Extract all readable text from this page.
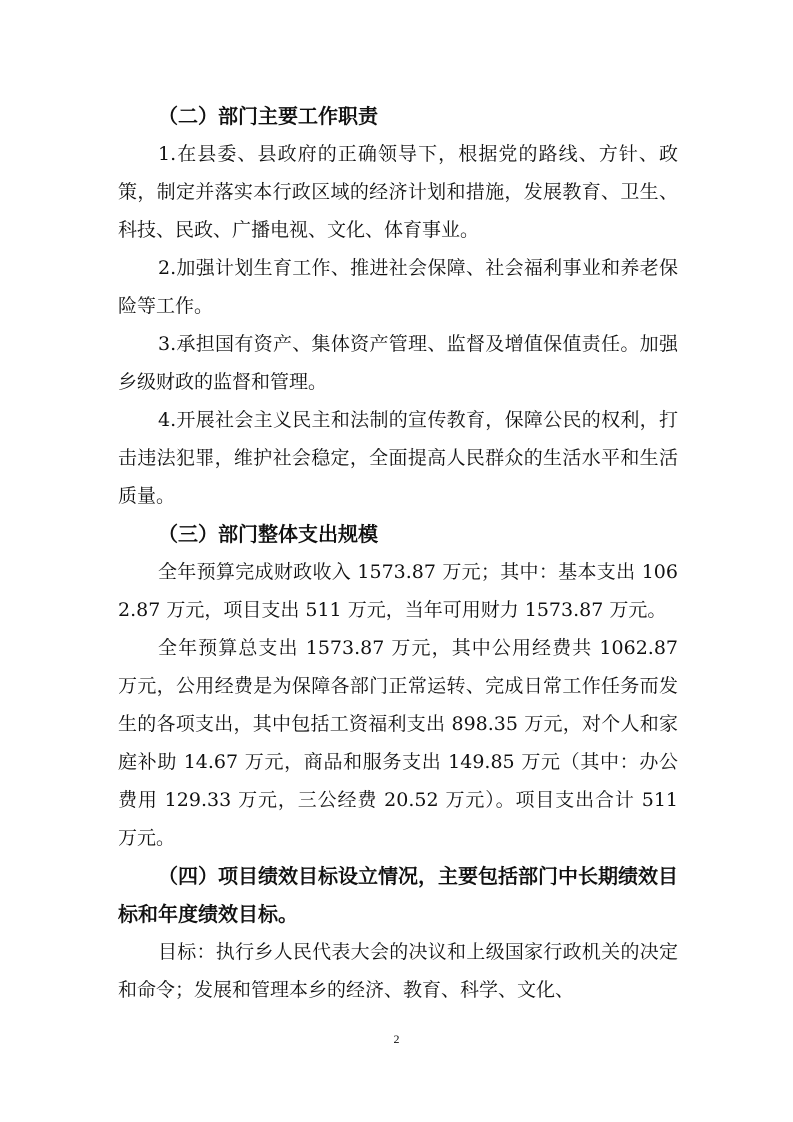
（二）部门主要工作职责

1.在县委、县政府的正确领导下，根据党的路线、方针、政策，制定并落实本行政区域的经济计划和措施，发展教育、卫生、科技、民政、广播电视、文化、体育事业。

2.加强计划生育工作、推进社会保障、社会福利事业和养老保险等工作。

3.承担国有资产、集体资产管理、监督及增值保值责任。加强乡级财政的监督和管理。

4.开展社会主义民主和法制的宣传教育，保障公民的权利，打击违法犯罪，维护社会稳定，全面提高人民群众的生活水平和生活质量。

（三）部门整体支出规模

全年预算完成财政收入 1573.87 万元；其中：基本支出 1062.87 万元，项目支出 511 万元，当年可用财力 1573.87 万元。

全年预算总支出 1573.87 万元，其中公用经费共 1062.87 万元，公用经费是为保障各部门正常运转、完成日常工作任务而发生的各项支出，其中包括工资福利支出 898.35 万元，对个人和家庭补助 14.67 万元，商品和服务支出 149.85 万元（其中：办公费用 129.33 万元，三公经费 20.52 万元）。项目支出合计 511 万元。

（四）项目绩效目标设立情况，主要包括部门中长期绩效目标和年度绩效目标。

目标：执行乡人民代表大会的决议和上级国家行政机关的决定和命令；发展和管理本乡的经济、教育、科学、文化、

2
